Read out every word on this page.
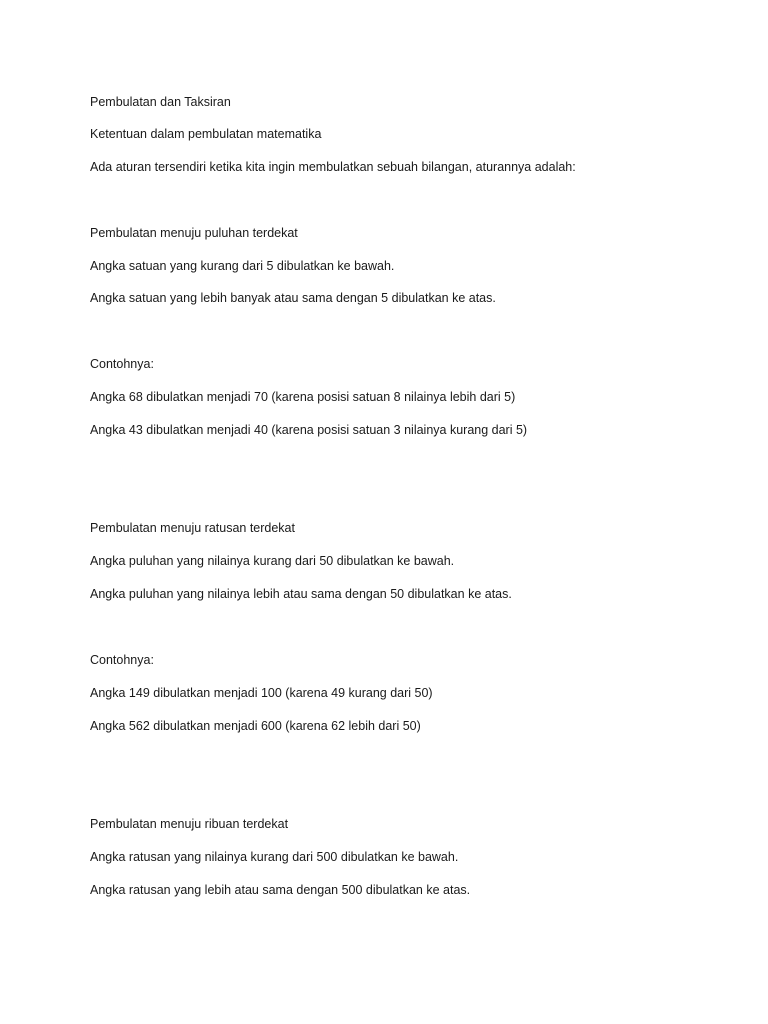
Pembulatan dan Taksiran
Ketentuan dalam pembulatan matematika
Ada aturan tersendiri ketika kita ingin membulatkan sebuah bilangan, aturannya adalah:
Pembulatan menuju puluhan terdekat
Angka satuan yang kurang dari 5 dibulatkan ke bawah.
Angka satuan yang lebih banyak atau sama dengan 5 dibulatkan ke atas.
Contohnya:
Angka 68 dibulatkan menjadi 70 (karena posisi satuan 8 nilainya lebih dari 5)
Angka 43 dibulatkan menjadi 40 (karena posisi satuan 3 nilainya kurang dari 5)
Pembulatan menuju ratusan terdekat
Angka puluhan yang nilainya kurang dari 50 dibulatkan ke bawah.
Angka puluhan yang nilainya lebih atau sama dengan 50 dibulatkan ke atas.
Contohnya:
Angka 149 dibulatkan menjadi 100 (karena 49 kurang dari 50)
Angka 562 dibulatkan menjadi 600 (karena 62 lebih dari 50)
Pembulatan menuju ribuan terdekat
Angka ratusan yang nilainya kurang dari 500 dibulatkan ke bawah.
Angka ratusan yang lebih atau sama dengan 500 dibulatkan ke atas.
